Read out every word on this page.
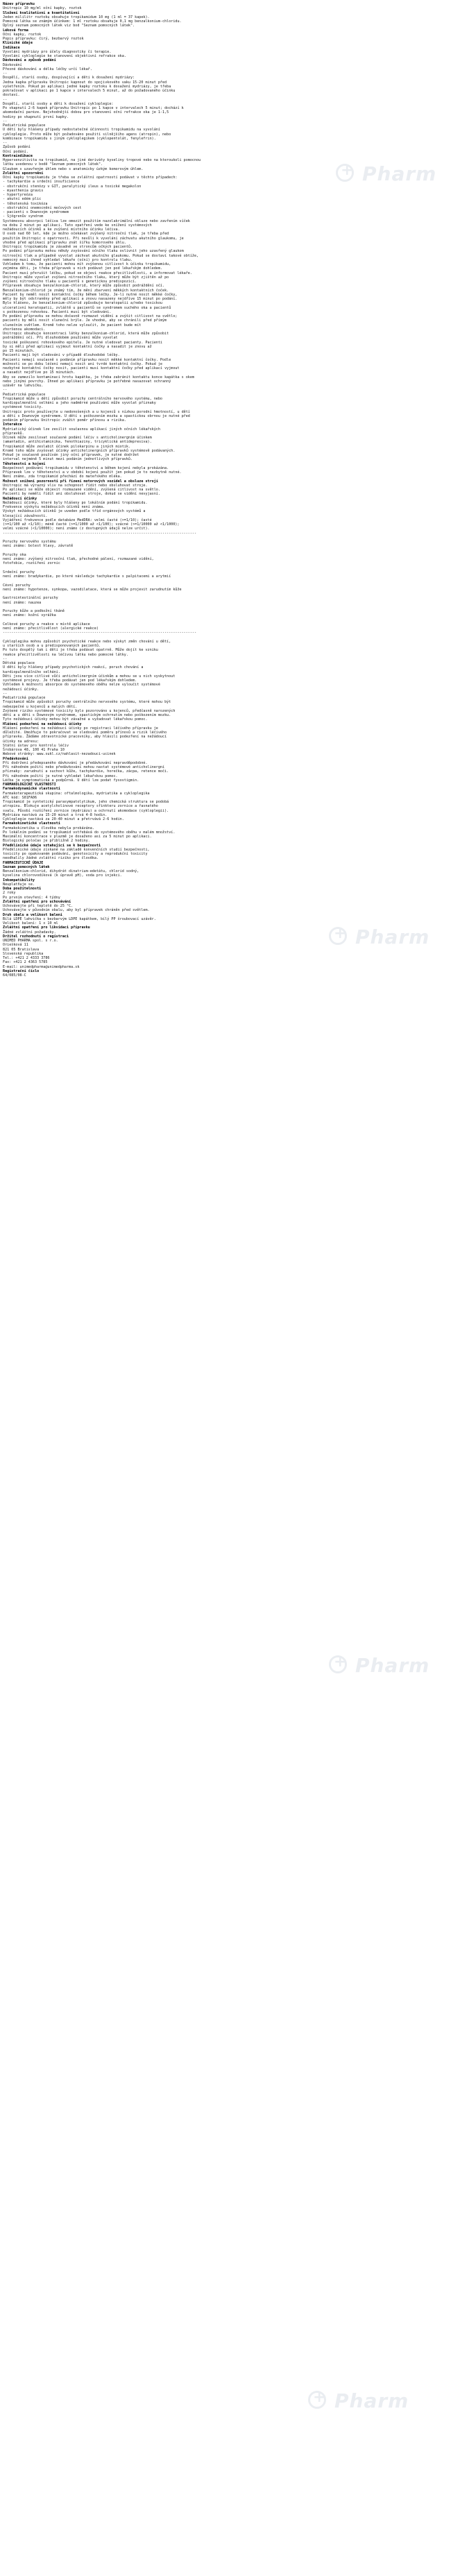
Název přípravku
Unitropic 10 mg/ml oční kapky, roztok
Složení kvalitativní a kvantitativní
Jeden mililitr roztoku obsahuje tropikamidum 10 mg (1 ml = 37 kapek).
Pomocná látka se známým účinkem: 1 ml roztoku obsahuje 0,1 mg benzalkonium-chloridu.
Úplný seznam pomocných látek viz bod "Seznam pomocných látek".
Léková forma
Oční kapky, roztok
Popis přípravku: čirý, bezbarvý roztok
Klinické údaje
Indikace
Vyvolání mydriázy pro účely diagnostiky či terapie.
Vyvolání cykloplegie ke stanovení objektivní refrakce oka.
Dávkování a způsob podání
Dávkování
Přesné dávkování a délku léčby určí lékař.
--
Dospělí, starší osoby, dospívající a děti k dosažení mydriázy:
Jedna kapka přípravku Unitropic kapnout do spojivkového vaku 15-20 minut před
vyšetřením. Pokud po aplikaci jedné kapky roztoku k dosažení mydriázy, je třeba
pokračovat v aplikaci po 1 kapce v intervalech 5 minut, až do požadovaného účinku
dostaví.
--
Dospělí, starší osoby a děti k dosažení cykloplegie:
Po vkapnutí 2-6 kapek přípravku Unitropic po 1 kapce v intervalech 5 minut; dochází k
akomodační paréze. Nejvhodnější dobou pro stanovení oční refrakce oka je 1-1,5
hodiny po vkapnutí první kapky.
--
Pediatrická populace
U dětí byly hlášeny případy nedostatečné účinnosti tropikamidu na vyvolání
cykloplegie. Proto může být požadováno použití silnějšího agens (atropin), nebo
kombinace tropikamidu s jiným cykloplegikem (cyklopentolát, fenylefrin).
--
Způsob podání
Oční podání.
Kontraindikace
Hypersenzitivita na tropikamid, na jiné deriváty kyseliny tropové nebo na kteroukoli pomocnou
látku uvedenou v bodě "Seznam pomocných látek".
Glaukom s uzavřeným úhlem nebo s anatomicky úzkým komorovým úhlem.
Zvláštní upozornění
Oční kapky tropikamidu je třeba se zvláštní opatrností podávat v těchto případech:
- tachykardie a srdeční insuficience
- obstrukční stenózy v GIT, paralytický ileus a toxické megakolon
- myasthenia gravis
- hypertyreóza
- akutní edém plic
- těhotenská toxikóza
- obstrukční onemocnění močových cest
- pacienti s Downovým syndromem
- Sjögrenův syndrom
Systémovou absorpci léčiva lze omezit použitím nazolakrimální okluze nebo zavřením víček
na dobu 2 minut po aplikaci. Tato opatření vede ke snížení systémových
nežádoucích účinků a ke zvýšení místního účinku léčiva.
U osob nad 60 let, kde je možno očekávat zvýšený nitrooční tlak, je třeba před
použitím Unitropic o opatrnosti. Při nevůli k vyvolání záchvatu akutního glaukomu, je
vhodné před aplikací přípravku znát šířku komorového úhlu.
Unitropic tropikamidu je zásadně ve stroncům očkých pacientů.
Po podání přípravku mohou někdy zvyšování očního tlaku ovlivnit jeho uzavřený glaukom
nitrooční tlak a případně vyvolat záchvat akutního glaukomu. Pokud se dostaví takové obtíže,
nemocný musí ihned vyhledat lékaře (oční) pro kontrolu tlaku.
Vzhledem k tomu, že pacienti mohou mít zvýšenou citlivost k účinku tropikamidu,
zejména děti, je třeba přípravek u nich podávat jen pod lékařským dohledem.
Pacient musí přerušit léčbu, pokud se objeví reakce přecitlivělosti, a informovat lékaře.
Unitropic může vyvolat zvýšení nitroočního tlaku, který může být zjištěn až po
zvýšení nitroočního tlaku u pacientů s genetickou predispozicí.
Přípravek obsahuje benzalkonium-chlorid, který může způsobit podráždění očí.
Benzalkonium-chlorid je známý tím, že mění zbarvení měkkých kontaktních čoček.
Pacient by neměl nosit kontaktní čočky během léčby. Je-li nutné nosit měkké čočky,
měly by být odstraněny před aplikací a znovu nasazeny nejdříve 15 minut po podání.
Bylo hlášeno, že benzalkonium-chlorid způsobuje keratopatii a/nebo toxickou
ulcerativní keratopatii, zvláště u pacientů se syndromem suchého oka a pacientů
s poškozenou rohovkou. Pacienti musí být sledováni.
Po podání přípravku se mohou dočasně rozmazat vidění a zvýšit citlivost na světlo;
pacienti by měli nosit sluneční brýle. Je vhodné, aby se chránili před přímým
slunečním světlem. Kromě toho nelze vyloučit, že pacient bude mít
zhoršenou akomodaci.
Unitropic obsahuje koncentraci látky benzalkonium-chlorid, která může způsobit
podráždění očí. Při dlouhodobém používání může vyvolat
toxické poškození rohovkového epitelu. Je nutné sledovat pacienty. Pacienti
by si měli před aplikací vyjmout kontaktní čočky a nasadit je znovu až
po 15 minutách.
Pacienti mají být sledováni v případě dlouhodobé léčby.
Pacienti nemají současně s podáním přípravku nosit měkké kontaktní čočky. Podle
možnosti se po dobu léčení nemají nosit ani tvrdé kontaktní čočky. Pokud je
nezbytné kontaktní čočky nosit, pacienti musí kontaktní čočky před aplikací vyjmout
a nasadit nejdříve po 15 minutách.
Aby se zamezilo kontaminaci hrotu kapátka, je třeba zabránit kontaktu konce kapátka s okem
nebo jinými povrchy. Ihned po aplikaci přípravku je potřebné nasazovat ochranný
uzávěr na lahvičku.
--
Pediatrická populace
Tropikamid může u dětí způsobit poruchy centrálního nervového systému, nebo
kardiopulmonální selhání a jeho nadměrné používání může vyvolat příznaky
systémové toxicity.
Unitropic proto používejte u nedonošených a u kojenců s nízkou porodní hmotností, u dětí
a dětí s Downovým syndromem. U dětí s poškozením mozku a spastickou obrnou je nutné před
podáním přípravku Unitropic zvážit poměr přínosu a rizika.
Interakce
Mydriatický účinek lze zesílit současnou aplikací jiných očních lékařských
přípravků.
Účinek může zesilovat současné podání léčiv s anticholinergním účinkem
(amantadin, antihistaminika, fenothiaziny, tricyklická antidepresiva).
Tropikamid může zeslabit účinek pilokarpinu a jiných miotik.
Kromě toho může zvyšovat účinky anticholinergních přípravků systémově podávaných.
Pokud je současně používán jiný oční přípravek, je nutné dodržet
interval nejméně 5 minut mezi podáním jednotlivých přípravků.
Těhotenství a kojení
Bezpečnost podávání tropikamidu v těhotenství a během kojení nebyla prokázána.
Přípravek lze v těhotenství a v období kojení použít jen pokud je to nezbytně nutné.
Není známo, zda tropikamid přechází do mateřského mléka.
Možnost snížení pozornosti při řízení motorových vozidel a obsluze strojí
Unitropic má výrazný vliv na schopnost řídit nebo obsluhovat stroje.
Po aplikaci se může objevit rozmazané vidění, zvýšená citlivost na světlo.
Pacienti by neměli řídit ani obsluhovat stroje, dokud se vidění nevyjasní.
Nežádoucí účinky
Nežádoucí účinky, které byly hlášeny po lokálním podání tropikamidu.
Frekvence výskytu nežádoucích účinků není známa.
Výskyt nežádoucích účinků je uveden podle tříd orgánových systémů a
klesající závažnosti.
Vyjádření frekvence podle databáze MedDRA: velmi časté (>=1/10); časté
(>=1/100 až <1/10); méně časté (>=1/1000 až <1/100); vzácné (>=1/10000 až <1/1000);
velmi vzácné (<1/10000); není známo (z dostupných údajů nelze určit).
-------------------------------------------------------------------------------------------
Poruchy nervového systému
není známo: bolest hlavy, závratě
Poruchy oka
není známo: zvýšený nitrooční tlak, přechodné pálení, rozmazané vidění,
fotofobie, rozšíření zornic
Srdeční poruchy
není známo: bradykardie, po které následuje tachykardie s palpitacemi a arytmií
Cévní poruchy
není známo: hypotenze, synkopa, vazodilatace, která se může projevit zarudnutím kůže
Gastrointestinální poruchy
není známo: nauzea
Poruchy kůže a podkožní tkáně
není známo: kožní vyrážka
Celkové poruchy a reakce v místě aplikace
není známo: přecitlivělost (alergické reakce)
-------------------------------------------------------------------------------------------
Cykloplegika mohou způsobit psychotické reakce nebo výskyt změn chování u dětí,
u starších osob a u predisponovaných pacientů.
Po tuto dospělý tak i děti je třeba podávat opatrně. Může dojít ke vzniku
reakce přecitlivělosti na léčivou látku nebo pomocné látky.
--
Dětská populace
U dětí byly hlášeny případy psychotických reakcí, poruch chování a
kardiopulmonálního selhání.
Děti jsou více citlivé vůči anticholinergním účinkům a mohou se u nich vyskytnout
systémové projevy. Je třeba podávat jen pod lékařským dohledem.
Vzhledem k možnosti absorpce do systémového oběhu nelze vyloučit systémové
nežádoucí účinky.
--
Pediatrická populace
Tropikamid může způsobit poruchy centrálního nervového systému, které mohou být
nebezpečné u kojenců a malých dětí.
Zvýšené riziko systémové toxicity bylo pozorováno u kojenců, předčasně narozených
dětí a u dětí s Downovým syndromem, spastickým ochrnutím nebo poškozením mozku.
Tyto nežádoucí účinky mohou být závažné a vyžadovat lékařskou pomoc.
Hlášení podezření na nežádoucí účinky
Hlášení podezření na nežádoucí účinky po registraci léčivého přípravku je
důležité. Umožňuje to pokračovat ve sledování poměru přínosů a rizik léčivého
přípravku. Žádáme zdravotnické pracovníky, aby hlásili podezření na nežádoucí
účinky na adresu:
Státní ústav pro kontrolu léčiv
Šrobárova 48, 100 41 Praha 10
Webové stránky: www.sukl.cz/nahlasit-nezadouci-ucinek
Předávkování
Při dodržení předepsaného dávkování je předávkování nepravděpodobné.
Při náhodném požití nebo předávkování mohou nastat systémové anticholinergní
příznaky: zarudnutí a suchost kůže, tachykardie, horečka, zácpa, retence moči.
Při náhodném požití je nutné vyhledat lékařskou pomoc.
Léčba je symptomatická a podpůrná. U dětí lze podat fysostigmin.
FARMAKOLOGICKÉ VLASTNOSTI
Farmakodynamické vlastnosti
Farmakoterapeutická skupina: oftalmologika, mydriatika a cykloplegika
ATC kód: S01FA06
Tropikamid je syntetický parasympatolytikum, jeho chemická struktura se podobá
atropinu. Blokuje acetylcholinové receptory sfinkteru zornice a řasnatého
svalu. Působí rozšíření zornice (mydriázu) a ochrnutí akomodace (cykloplegii).
Mydriáza nastává za 15-20 minut a trvá 4-8 hodin.
Cykloplegie nastává za 20-40 minut a přetrvává 2-6 hodin.
Farmakokinetické vlastnosti
Farmakokinetika u člověka nebyla prokázána.
Po lokálním podání se tropikamid vstřebává do systémového oběhu v malém množství.
Maximální koncentrace v plazmě je dosaženo asi za 5 minut po aplikaci.
Biologický poločas je přibližně 2 hodiny.
Předklinické údaje vztahující se k bezpečnosti
Předklinické údaje získané na základě konvenčních studií bezpečnosti,
toxicity po opakovaném podávání, genotoxicity a reprodukční toxicity
neodhalily žádné zvláštní riziko pro člověka.
FARMACEUTICKÉ ÚDAJE
Seznam pomocných látek
Benzalkonium-chlorid, dihydrát dinatrium-edetátu, chlorid sodný,
kyselina chlorovodíková (k úpravě pH), voda pro injekci.
Inkompatibility
Neuplatňuje se.
Doba použitelnosti
2 roky
Po prvním otevření: 4 týdny
Zvláštní opatření pro uchovávání
Uchovávejte při teplotě do 25 °C.
Uchovávejte v původním obalu, aby byl přípravek chráněn před světlem.
Druh obalu a velikost balení
Bílá LDPE lahvička s bezbarvým LDPE kapátkem, bílý PP šroubovací uzávěr.
Velikost balení: 1 x 10 ml
Zvláštní opatření pro likvidaci přípravku
Žádné zvláštní požadavky.
Držitel rozhodnutí o registraci
UNIMED PHARMA spol. s r.o.
Oriešková 11
821 05 Bratislava
Slovenská republika
Tel.: +421 2 4333 3786
Fax: +421 2 4363 5785
E-mail: unimedpharma@unimedpharma.sk
Registrační číslo
64/085/08-C
+
Pharm
+
Pharm
+
Pharm
+
Pharm
